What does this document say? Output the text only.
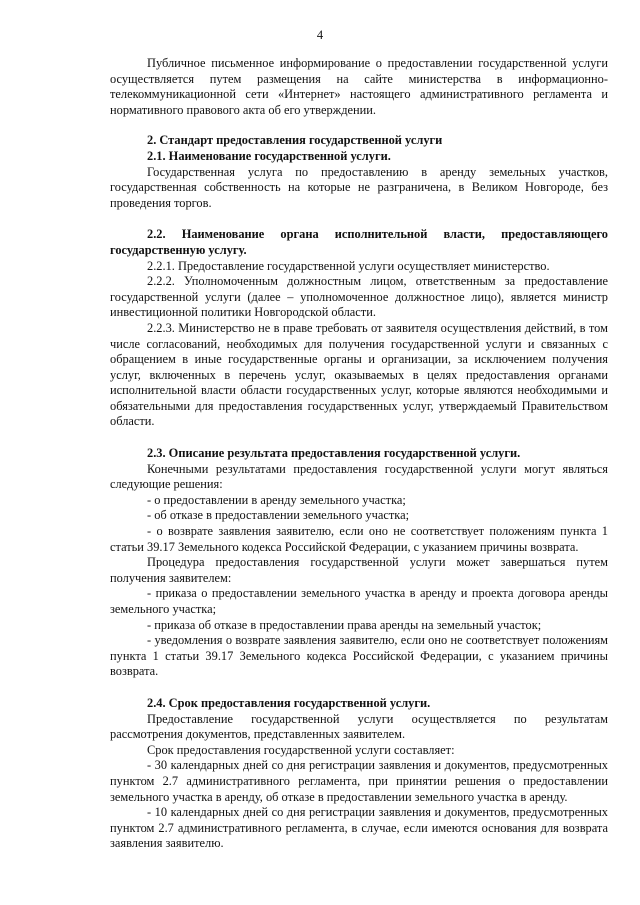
4

Публичное письменное информирование о предоставлении государственной услуги осуществляется путем размещения на сайте министерства в информационно-телекоммуникационной сети «Интернет» настоящего административного регламента и нормативного правового акта об его утверждении.

2. Стандарт предоставления государственной услуги

2.1. Наименование государственной услуги.

Государственная услуга по предоставлению в аренду земельных участков, государственная собственность на которые не разграничена, в Великом Новгороде, без проведения торгов.

2.2. Наименование органа исполнительной власти, предоставляющего государственную услугу.

2.2.1. Предоставление государственной услуги осуществляет министерство.

2.2.2. Уполномоченным должностным лицом, ответственным за предоставление государственной услуги (далее – уполномоченное должностное лицо), является министр инвестиционной политики Новгородской области.

2.2.3. Министерство не в праве требовать от заявителя осуществления действий, в том числе согласований, необходимых для получения государственной услуги и связанных с обращением в иные государственные органы и организации, за исключением получения услуг, включенных в перечень услуг, оказываемых в целях предоставления органами исполнительной власти области государственных услуг, которые являются необходимыми и обязательными для предоставления государственных услуг, утверждаемый Правительством области.

2.3. Описание результата предоставления государственной услуги.

Конечными результатами предоставления государственной услуги могут являться следующие решения:

- о предоставлении в аренду земельного участка;

- об отказе в предоставлении земельного участка;

- о возврате заявления заявителю, если оно не соответствует положениям пункта 1 статьи 39.17 Земельного кодекса Российской Федерации, с указанием причины возврата.

Процедура предоставления государственной услуги может завершаться путем получения заявителем:

- приказа о предоставлении земельного участка в аренду и проекта договора аренды земельного участка;

- приказа об отказе в предоставлении права аренды на земельный участок;

- уведомления о возврате заявления заявителю, если оно не соответствует положениям пункта 1 статьи 39.17 Земельного кодекса Российской Федерации, с указанием причины возврата.

2.4. Срок предоставления государственной услуги.

Предоставление государственной услуги осуществляется по результатам рассмотрения документов, представленных заявителем.

Срок предоставления государственной услуги составляет:

- 30 календарных дней со дня регистрации заявления и документов, предусмотренных пунктом 2.7 административного регламента, при принятии решения о предоставлении земельного участка в аренду, об отказе в предоставлении земельного участка в аренду.

- 10 календарных дней со дня регистрации заявления и документов, предусмотренных пунктом 2.7 административного регламента, в случае, если имеются основания для возврата заявления заявителю.
